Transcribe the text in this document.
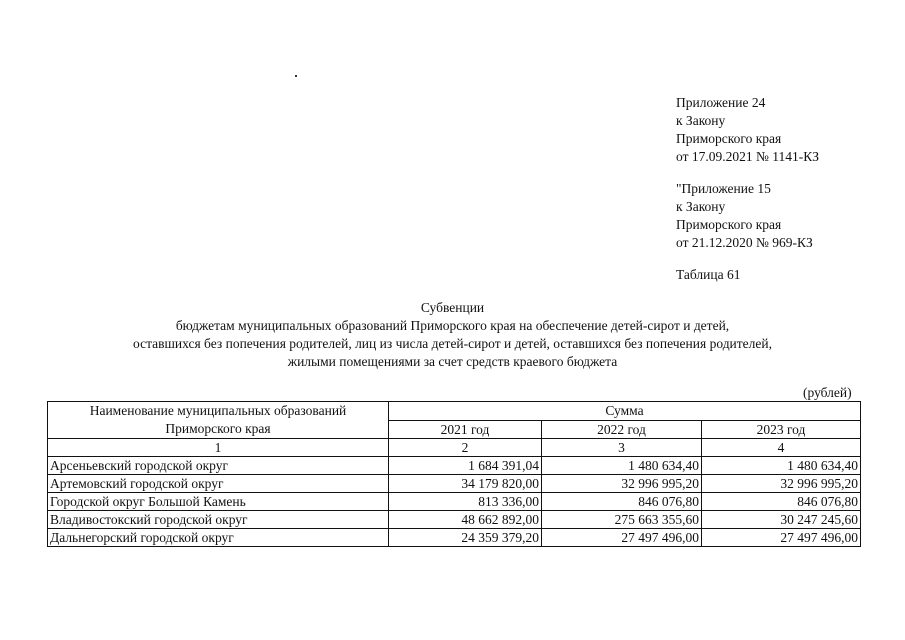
Приложение 24
к Закону
Приморского края
от 17.09.2021 № 1141-КЗ
"Приложение 15
к Закону
Приморского края
от 21.12.2020 № 969-КЗ
Таблица 61
Субвенции
бюджетам муниципальных образований Приморского края на обеспечение детей-сирот и детей,
оставшихся без попечения родителей, лиц из числа детей-сирот и детей, оставшихся без попечения родителей,
жилыми помещениями за счет средств краевого бюджета
(рублей)
Наименование муниципальных образований
Приморского края	Сумма		
	2021 год	2022 год	2023 год
1	2	3	4
Арсеньевский городской округ	1 684 391,04	1 480 634,40	1 480 634,40
Артемовский городской округ	34 179 820,00	32 996 995,20	32 996 995,20
Городской округ Большой Камень	813 336,00	846 076,80	846 076,80
Владивостокский городской округ	48 662 892,00	275 663 355,60	30 247 245,60
Дальнегорский городской округ	24 359 379,20	27 497 496,00	27 497 496,00
